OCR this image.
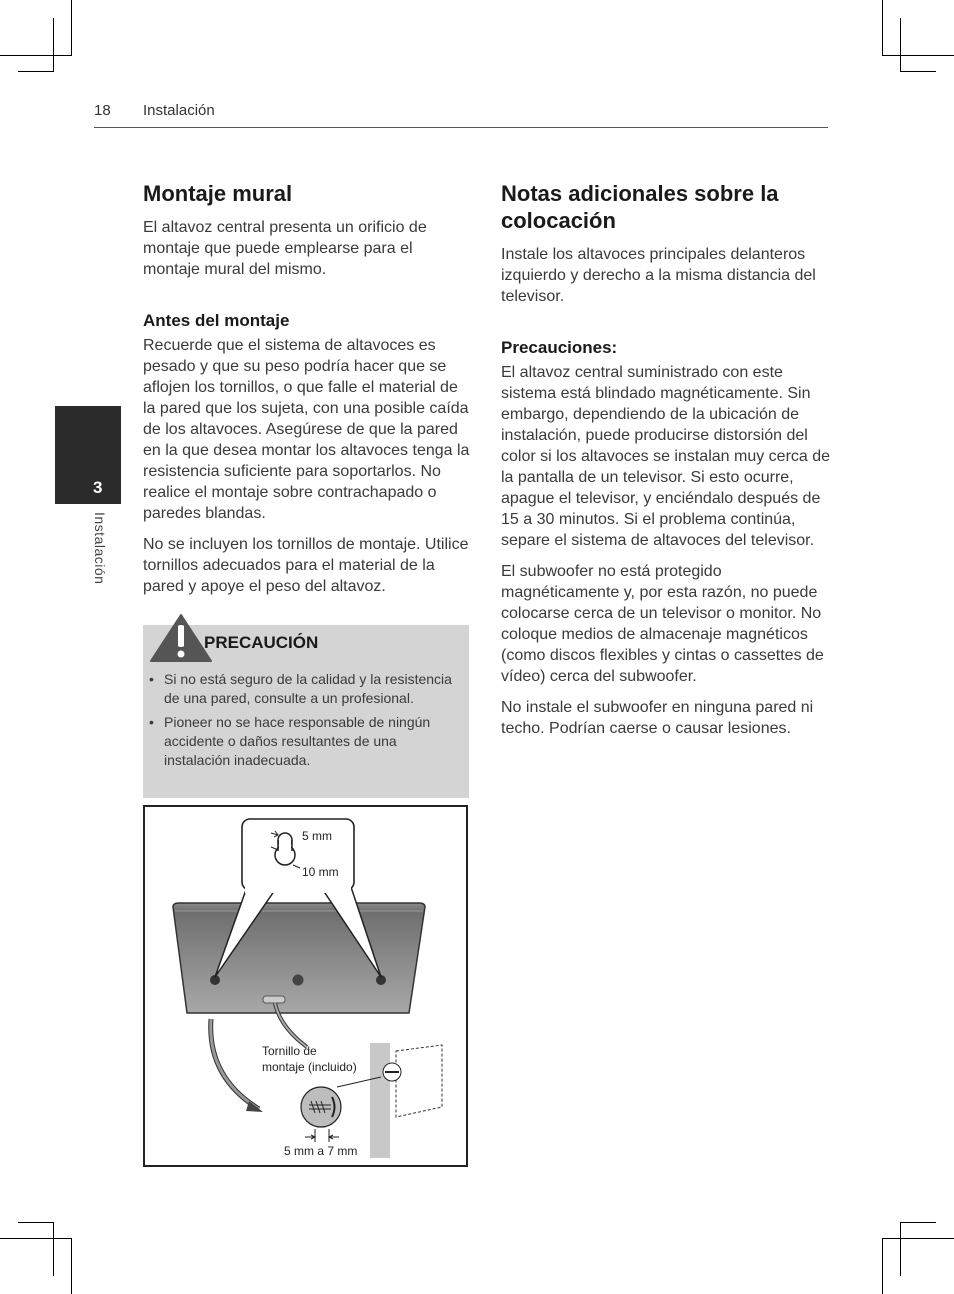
18 Instalación
3
Instalación
Montaje mural

El altavoz central presenta un orificio de montaje que puede emplearse para el montaje mural del mismo.

Antes del montaje

Recuerde que el sistema de altavoces es pesado y que su peso podría hacer que se aflojen los tornillos, o que falle el material de la pared que los sujeta, con una posible caída de los altavoces. Asegúrese de que la pared en la que desea montar los altavoces tenga la resistencia suficiente para soportarlos. No realice el montaje sobre contrachapado o paredes blandas.

No se incluyen los tornillos de montaje. Utilice tornillos adecuados para el material de la pared y apoye el peso del altavoz.

PRECAUCIÓN
• Si no está seguro de la calidad y la resistencia de una pared, consulte a un profesional.
• Pioneer no se hace responsable de ningún accidente o daños resultantes de una instalación inadecuada.
5 mm
10 mm
Tornillo de
montaje (incluido)
5 mm a 7 mm
Notas adicionales sobre la colocación

Instale los altavoces principales delanteros izquierdo y derecho a la misma distancia del televisor.

Precauciones:

El altavoz central suministrado con este sistema está blindado magnéticamente. Sin embargo, dependiendo de la ubicación de instalación, puede producirse distorsión del color si los altavoces se instalan muy cerca de la pantalla de un televisor. Si esto ocurre, apague el televisor, y enciéndalo después de 15 a 30 minutos. Si el problema continúa, separe el sistema de altavoces del televisor.

El subwoofer no está protegido magnéticamente y, por esta razón, no puede colocarse cerca de un televisor o monitor. No coloque medios de almacenaje magnéticos (como discos flexibles y cintas o cassettes de vídeo) cerca del subwoofer.

No instale el subwoofer en ninguna pared ni techo. Podrían caerse o causar lesiones.
